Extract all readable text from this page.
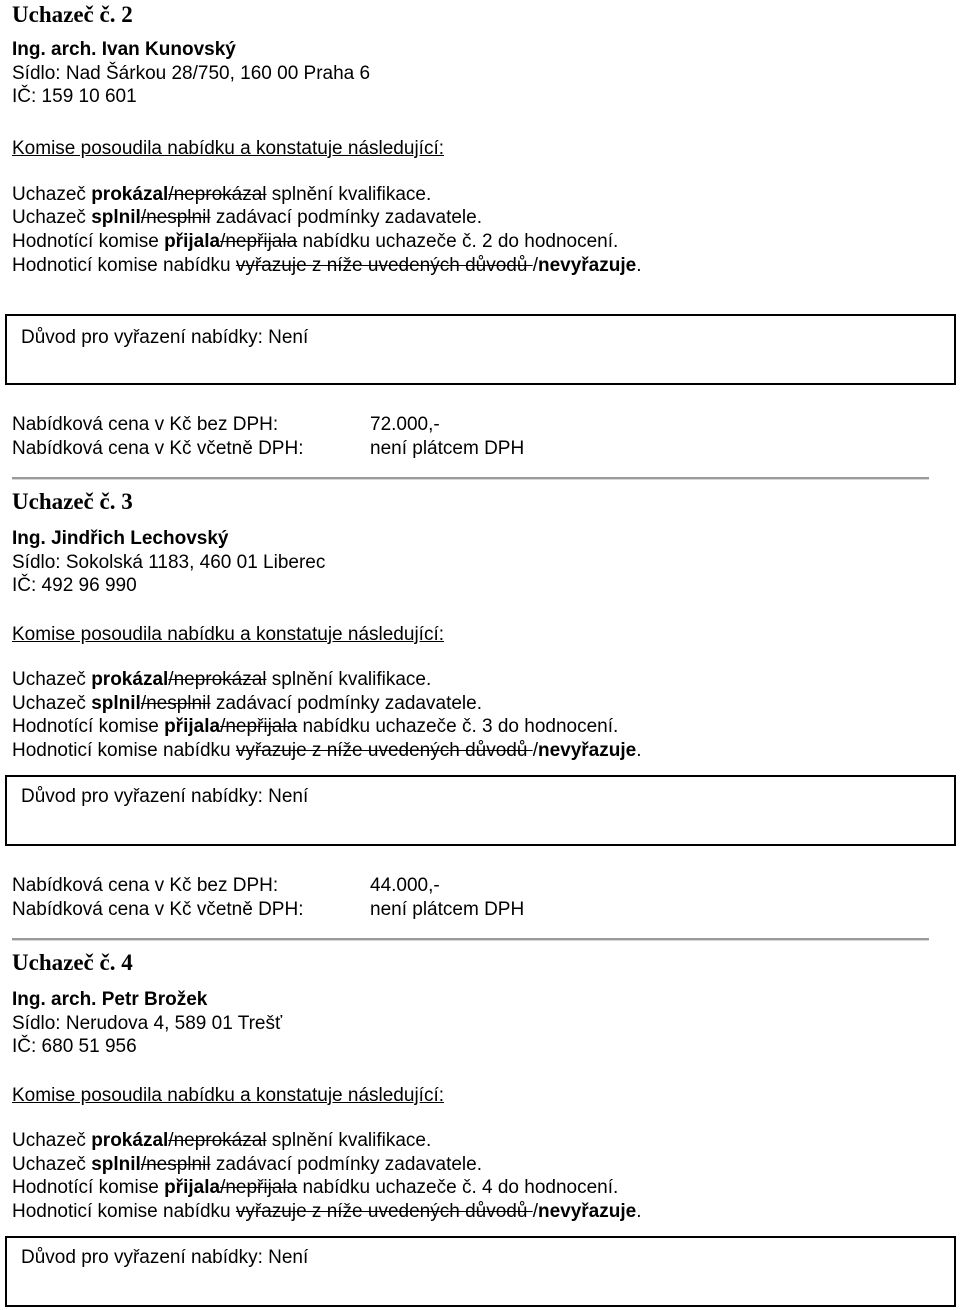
Uchazeč č. 2
Ing. arch. Ivan Kunovský
Sídlo: Nad Šárkou 28/750, 160 00 Praha 6
IČ: 159 10 601
Komise posoudila nabídku a konstatuje následující:
Uchazeč prokázal/neprokázal splnění kvalifikace.
Uchazeč splnil/nesplnil zadávací podmínky zadavatele.
Hodnotící komise přijala/nepřijala nabídku uchazeče č. 2 do hodnocení.
Hodnoticí komise nabídku vyřazuje z níže uvedených důvodů /nevyřazuje.
Důvod pro vyřazení nabídky: Není
Nabídková cena v Kč bez DPH:	72.000,-
Nabídková cena v Kč včetně DPH:	není plátcem DPH
Uchazeč č. 3
Ing. Jindřich Lechovský
Sídlo: Sokolská 1183, 460 01 Liberec
IČ: 492 96 990
Komise posoudila nabídku a konstatuje následující:
Uchazeč prokázal/neprokázal splnění kvalifikace.
Uchazeč splnil/nesplnil zadávací podmínky zadavatele.
Hodnotící komise přijala/nepřijala nabídku uchazeče č. 3 do hodnocení.
Hodnoticí komise nabídku vyřazuje z níže uvedených důvodů /nevyřazuje.
Důvod pro vyřazení nabídky: Není
Nabídková cena v Kč bez DPH:	44.000,-
Nabídková cena v Kč včetně DPH:	není plátcem DPH
Uchazeč č. 4
Ing. arch. Petr Brožek
Sídlo: Nerudova 4, 589 01 Trešť
IČ: 680 51 956
Komise posoudila nabídku a konstatuje následující:
Uchazeč prokázal/neprokázal splnění kvalifikace.
Uchazeč splnil/nesplnil zadávací podmínky zadavatele.
Hodnotící komise přijala/nepřijala nabídku uchazeče č. 4 do hodnocení.
Hodnoticí komise nabídku vyřazuje z níže uvedených důvodů /nevyřazuje.
Důvod pro vyřazení nabídky: Není
